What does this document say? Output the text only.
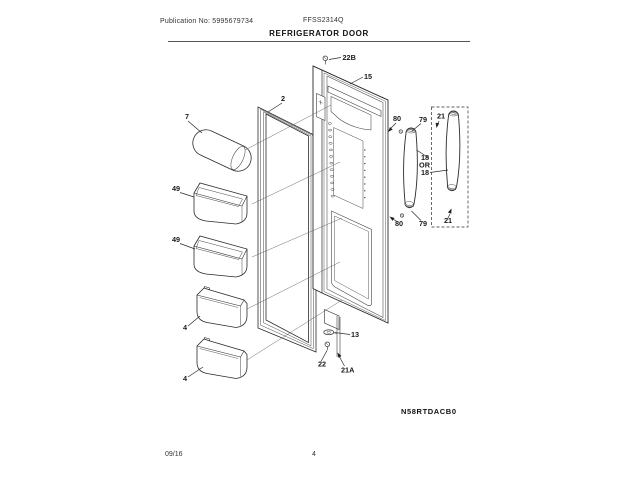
Publication No: 5995679734	FFSS2314Q
REFRIGERATOR DOOR
22B
15
2
7
49
49
4
4
80 79 21
18
OR
18
80 79 21
13
22
21A
N58RTDACB0
09/16	4
